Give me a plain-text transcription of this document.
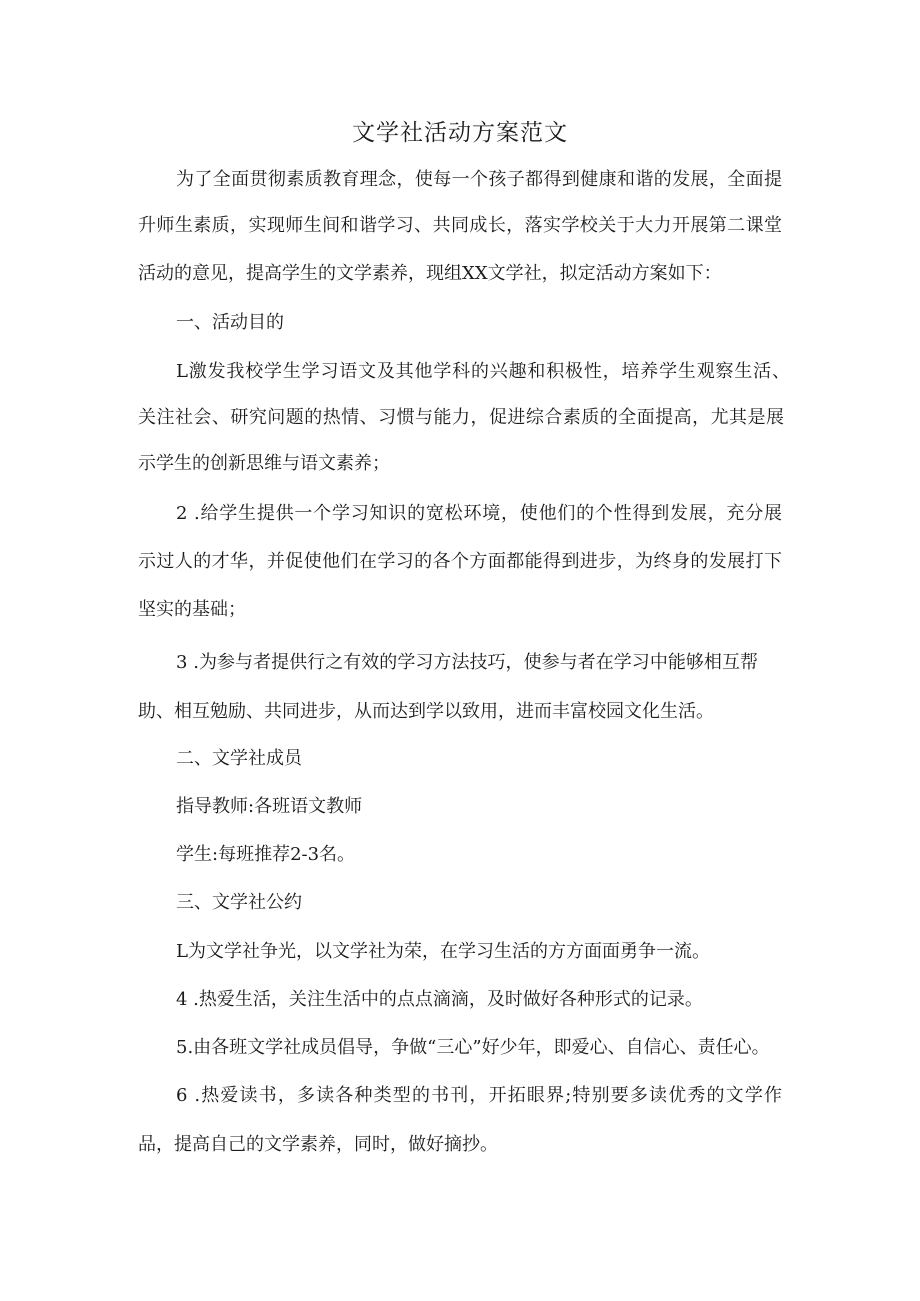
文学社活动方案范文
为了全面贯彻素质教育理念，使每一个孩子都得到健康和谐的发展，全面提
升师生素质，实现师生间和谐学习、共同成长，落实学校关于大力开展第二课堂
活动的意见，提高学生的文学素养，现组XX文学社，拟定活动方案如下：
一、活动目的
L激发我校学生学习语文及其他学科的兴趣和积极性，培养学生观察生活、
关注社会、研究问题的热情、习惯与能力，促进综合素质的全面提高，尤其是展
示学生的创新思维与语文素养；
2 .给学生提供一个学习知识的宽松环境，使他们的个性得到发展，充分展
示过人的才华，并促使他们在学习的各个方面都能得到进步，为终身的发展打下
坚实的基础；
3 .为参与者提供行之有效的学习方法技巧，使参与者在学习中能够相互帮
助、相互勉励、共同进步，从而达到学以致用，进而丰富校园文化生活。
二、文学社成员
指导教师:各班语文教师
学生:每班推荐2-3名。
三、文学社公约
L为文学社争光，以文学社为荣，在学习生活的方方面面勇争一流。
4 .热爱生活，关注生活中的点点滴滴，及时做好各种形式的记录。
5.由各班文学社成员倡导，争做“三心”好少年，即爱心、自信心、责任心。
6 .热爱读书，多读各种类型的书刊，开拓眼界;特别要多读优秀的文学作
品，提高自己的文学素养，同时，做好摘抄。
